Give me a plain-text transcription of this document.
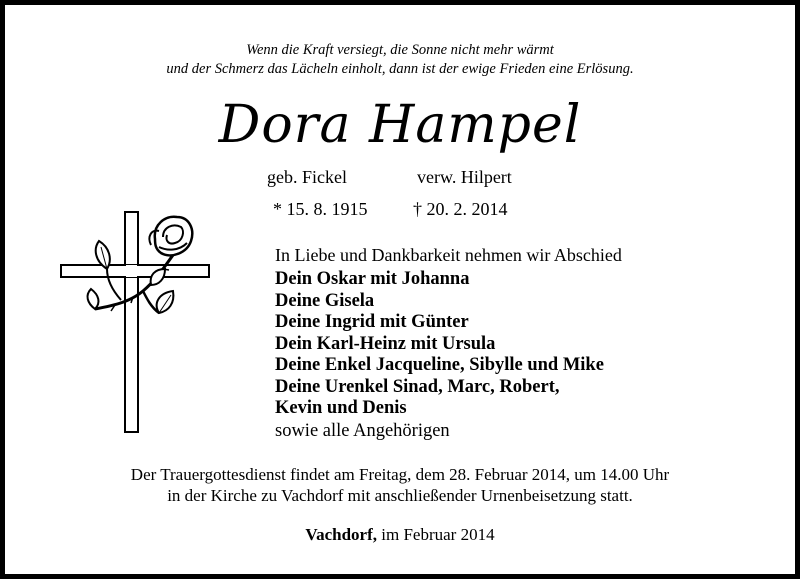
Wenn die Kraft versiegt, die Sonne nicht mehr wärmt
und der Schmerz das Lächeln einholt, dann ist der ewige Frieden eine Erlösung.
Dora Hampel
geb. Fickel	verw. Hilpert
* 15. 8. 1915	† 20. 2. 2014
In Liebe und Dankbarkeit nehmen wir Abschied
Dein Oskar mit Johanna
Deine Gisela
Deine Ingrid mit Günter
Dein Karl-Heinz mit Ursula
Deine Enkel Jacqueline, Sibylle und Mike
Deine Urenkel Sinad, Marc, Robert,
Kevin und Denis
sowie alle Angehörigen
Der Trauergottesdienst findet am Freitag, dem 28. Februar 2014, um 14.00 Uhr
in der Kirche zu Vachdorf mit anschließender Urnenbeisetzung statt.
Vachdorf, im Februar 2014
